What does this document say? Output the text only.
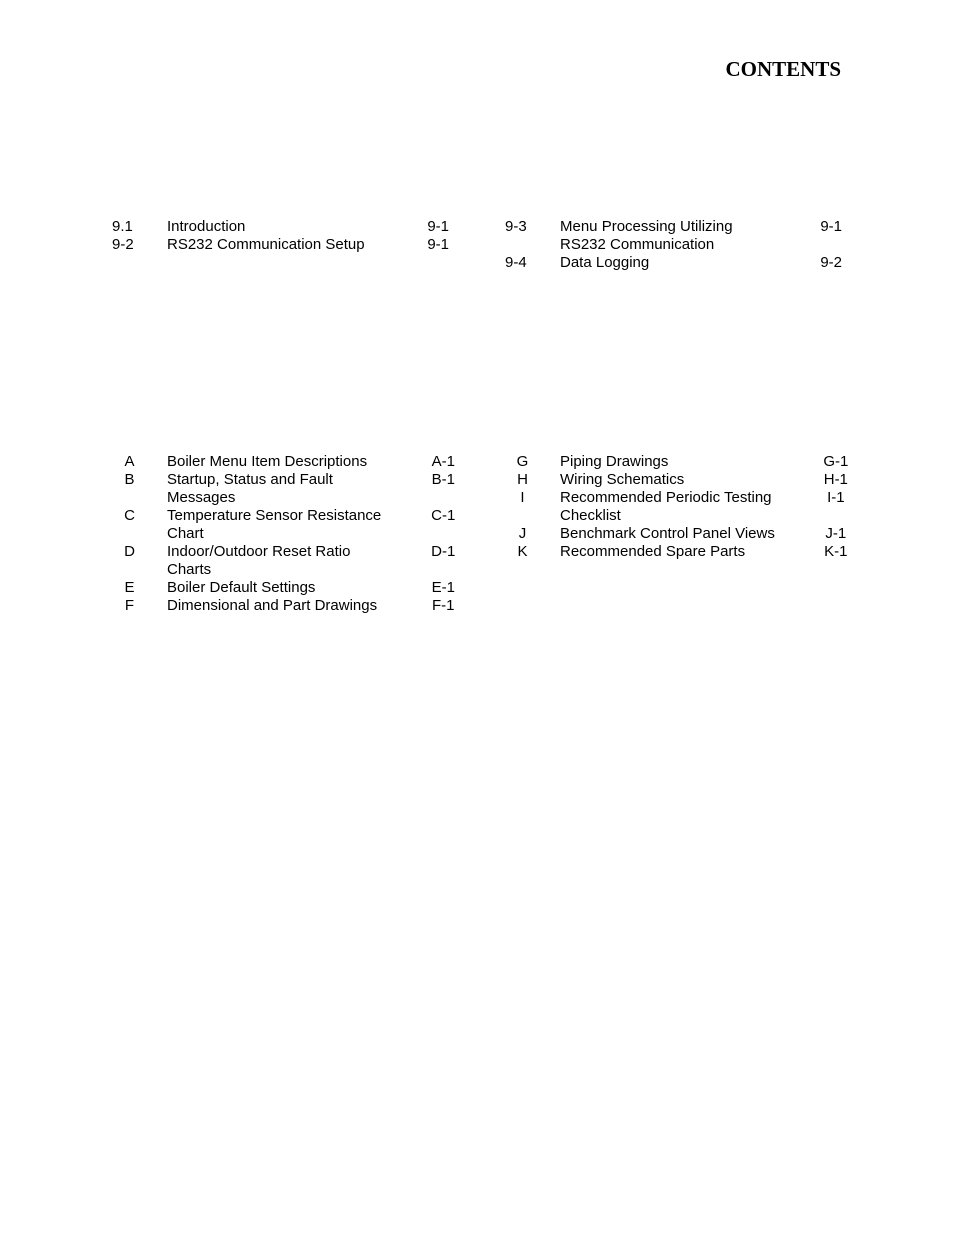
CONTENTS
9.1	Introduction	9-1
9-2	RS232 Communication Setup	9-1
9-3	Menu Processing Utilizing	9-1
	RS232 Communication	
9-4	Data Logging	9-2
A	Boiler Menu Item Descriptions	A-1
B	Startup, Status and Fault	B-1
	Messages	
C	Temperature Sensor Resistance	C-1
	Chart	
D	Indoor/Outdoor Reset Ratio	D-1
	Charts	
E	Boiler Default Settings	E-1
F	Dimensional and Part Drawings	F-1
G	Piping Drawings	G-1
H	Wiring Schematics	H-1
I	Recommended Periodic Testing	I-1
	Checklist	
J	Benchmark Control Panel Views	J-1
K	Recommended Spare Parts	K-1
